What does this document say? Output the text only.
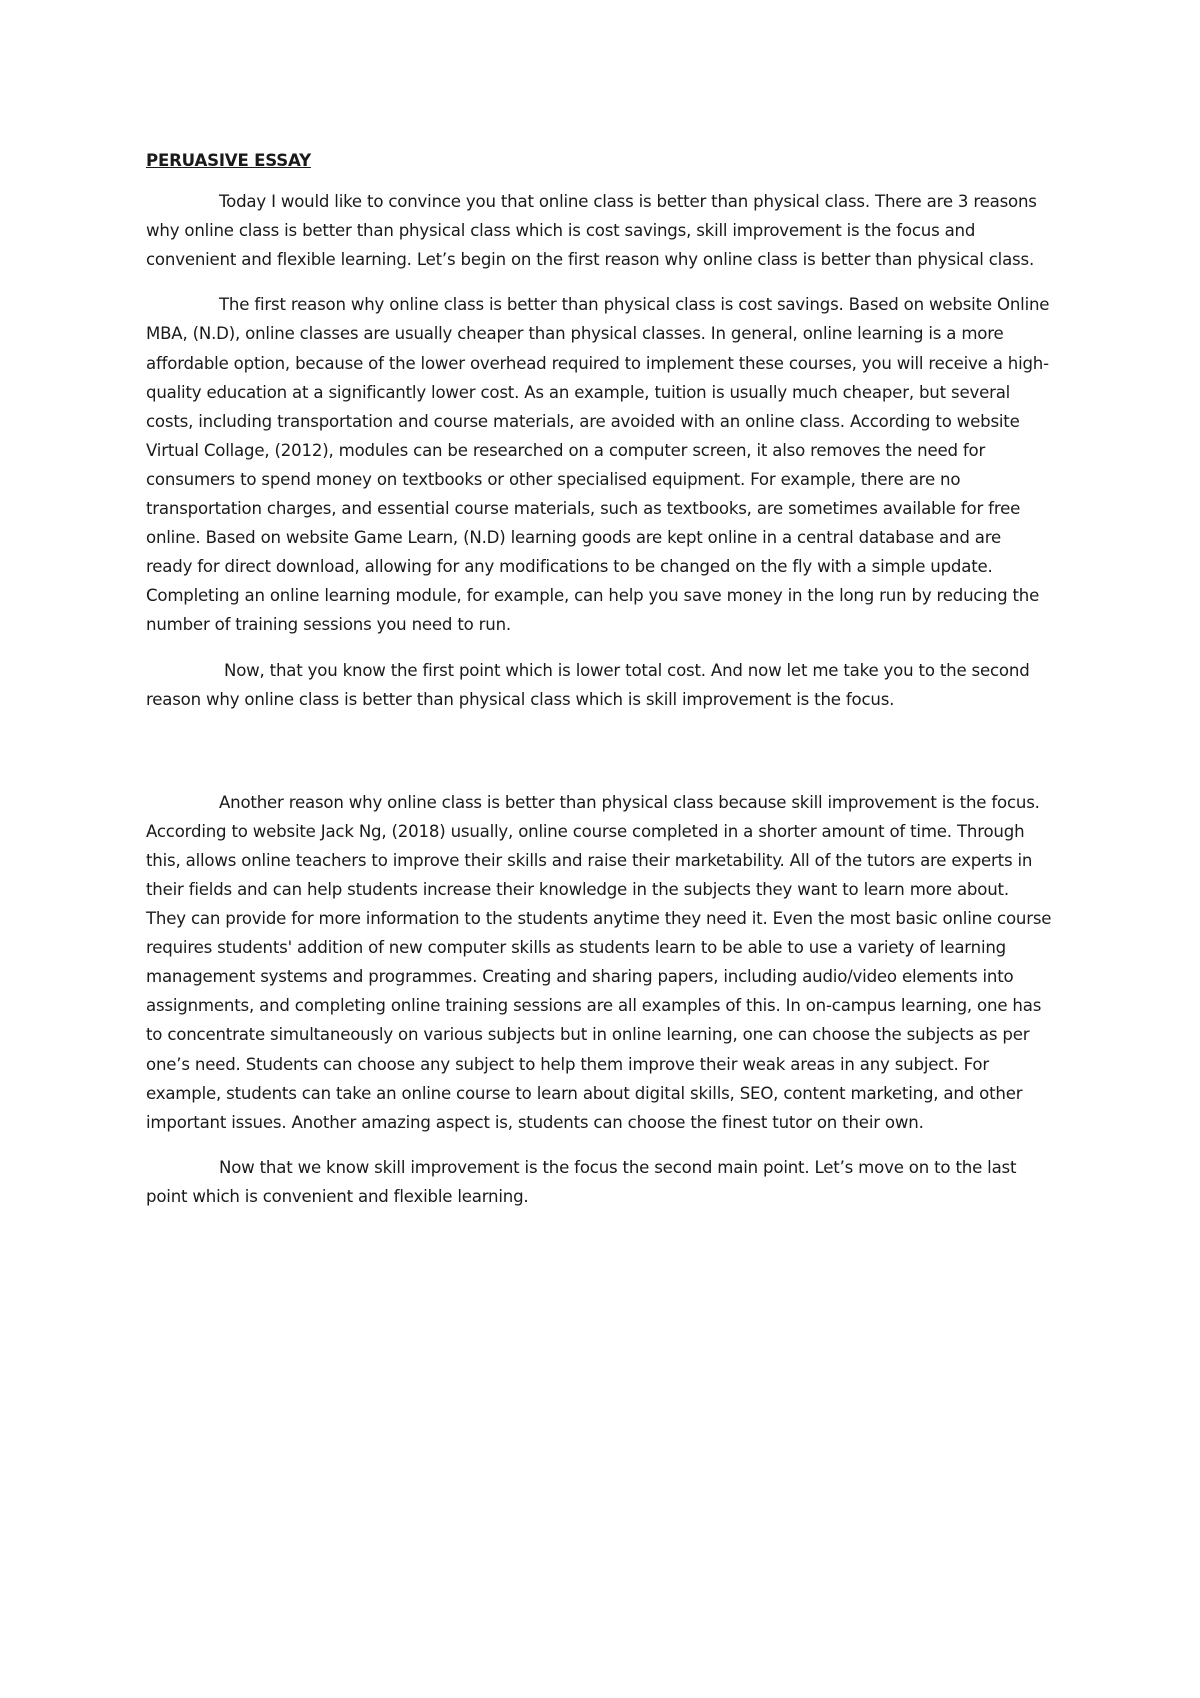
PERUASIVE ESSAY

Today I would like to convince you that online class is better than physical class. There are 3 reasons why online class is better than physical class which is cost savings, skill improvement is the focus and convenient and flexible learning. Let’s begin on the first reason why online class is better than physical class.

The first reason why online class is better than physical class is cost savings. Based on website Online MBA, (N.D), online classes are usually cheaper than physical classes. In general, online learning is a more affordable option, because of the lower overhead required to implement these courses, you will receive a high-quality education at a significantly lower cost. As an example, tuition is usually much cheaper, but several costs, including transportation and course materials, are avoided with an online class. According to website Virtual Collage, (2012), modules can be researched on a computer screen, it also removes the need for consumers to spend money on textbooks or other specialised equipment. For example, there are no transportation charges, and essential course materials, such as textbooks, are sometimes available for free online. Based on website Game Learn, (N.D) learning goods are kept online in a central database and are ready for direct download, allowing for any modifications to be changed on the fly with a simple update. Completing an online learning module, for example, can help you save money in the long run by reducing the number of training sessions you need to run.

Now, that you know the first point which is lower total cost. And now let me take you to the second reason why online class is better than physical class which is skill improvement is the focus.

Another reason why online class is better than physical class because skill improvement is the focus. According to website Jack Ng, (2018) usually, online course completed in a shorter amount of time. Through this, allows online teachers to improve their skills and raise their marketability. All of the tutors are experts in their fields and can help students increase their knowledge in the subjects they want to learn more about. They can provide for more information to the students anytime they need it. Even the most basic online course requires students' addition of new computer skills as students learn to be able to use a variety of learning management systems and programmes. Creating and sharing papers, including audio/video elements into assignments, and completing online training sessions are all examples of this. In on-campus learning, one has to concentrate simultaneously on various subjects but in online learning, one can choose the subjects as per one’s need. Students can choose any subject to help them improve their weak areas in any subject. For example, students can take an online course to learn about digital skills, SEO, content marketing, and other important issues. Another amazing aspect is, students can choose the finest tutor on their own.

Now that we know skill improvement is the focus the second main point. Let’s move on to the last point which is convenient and flexible learning.
